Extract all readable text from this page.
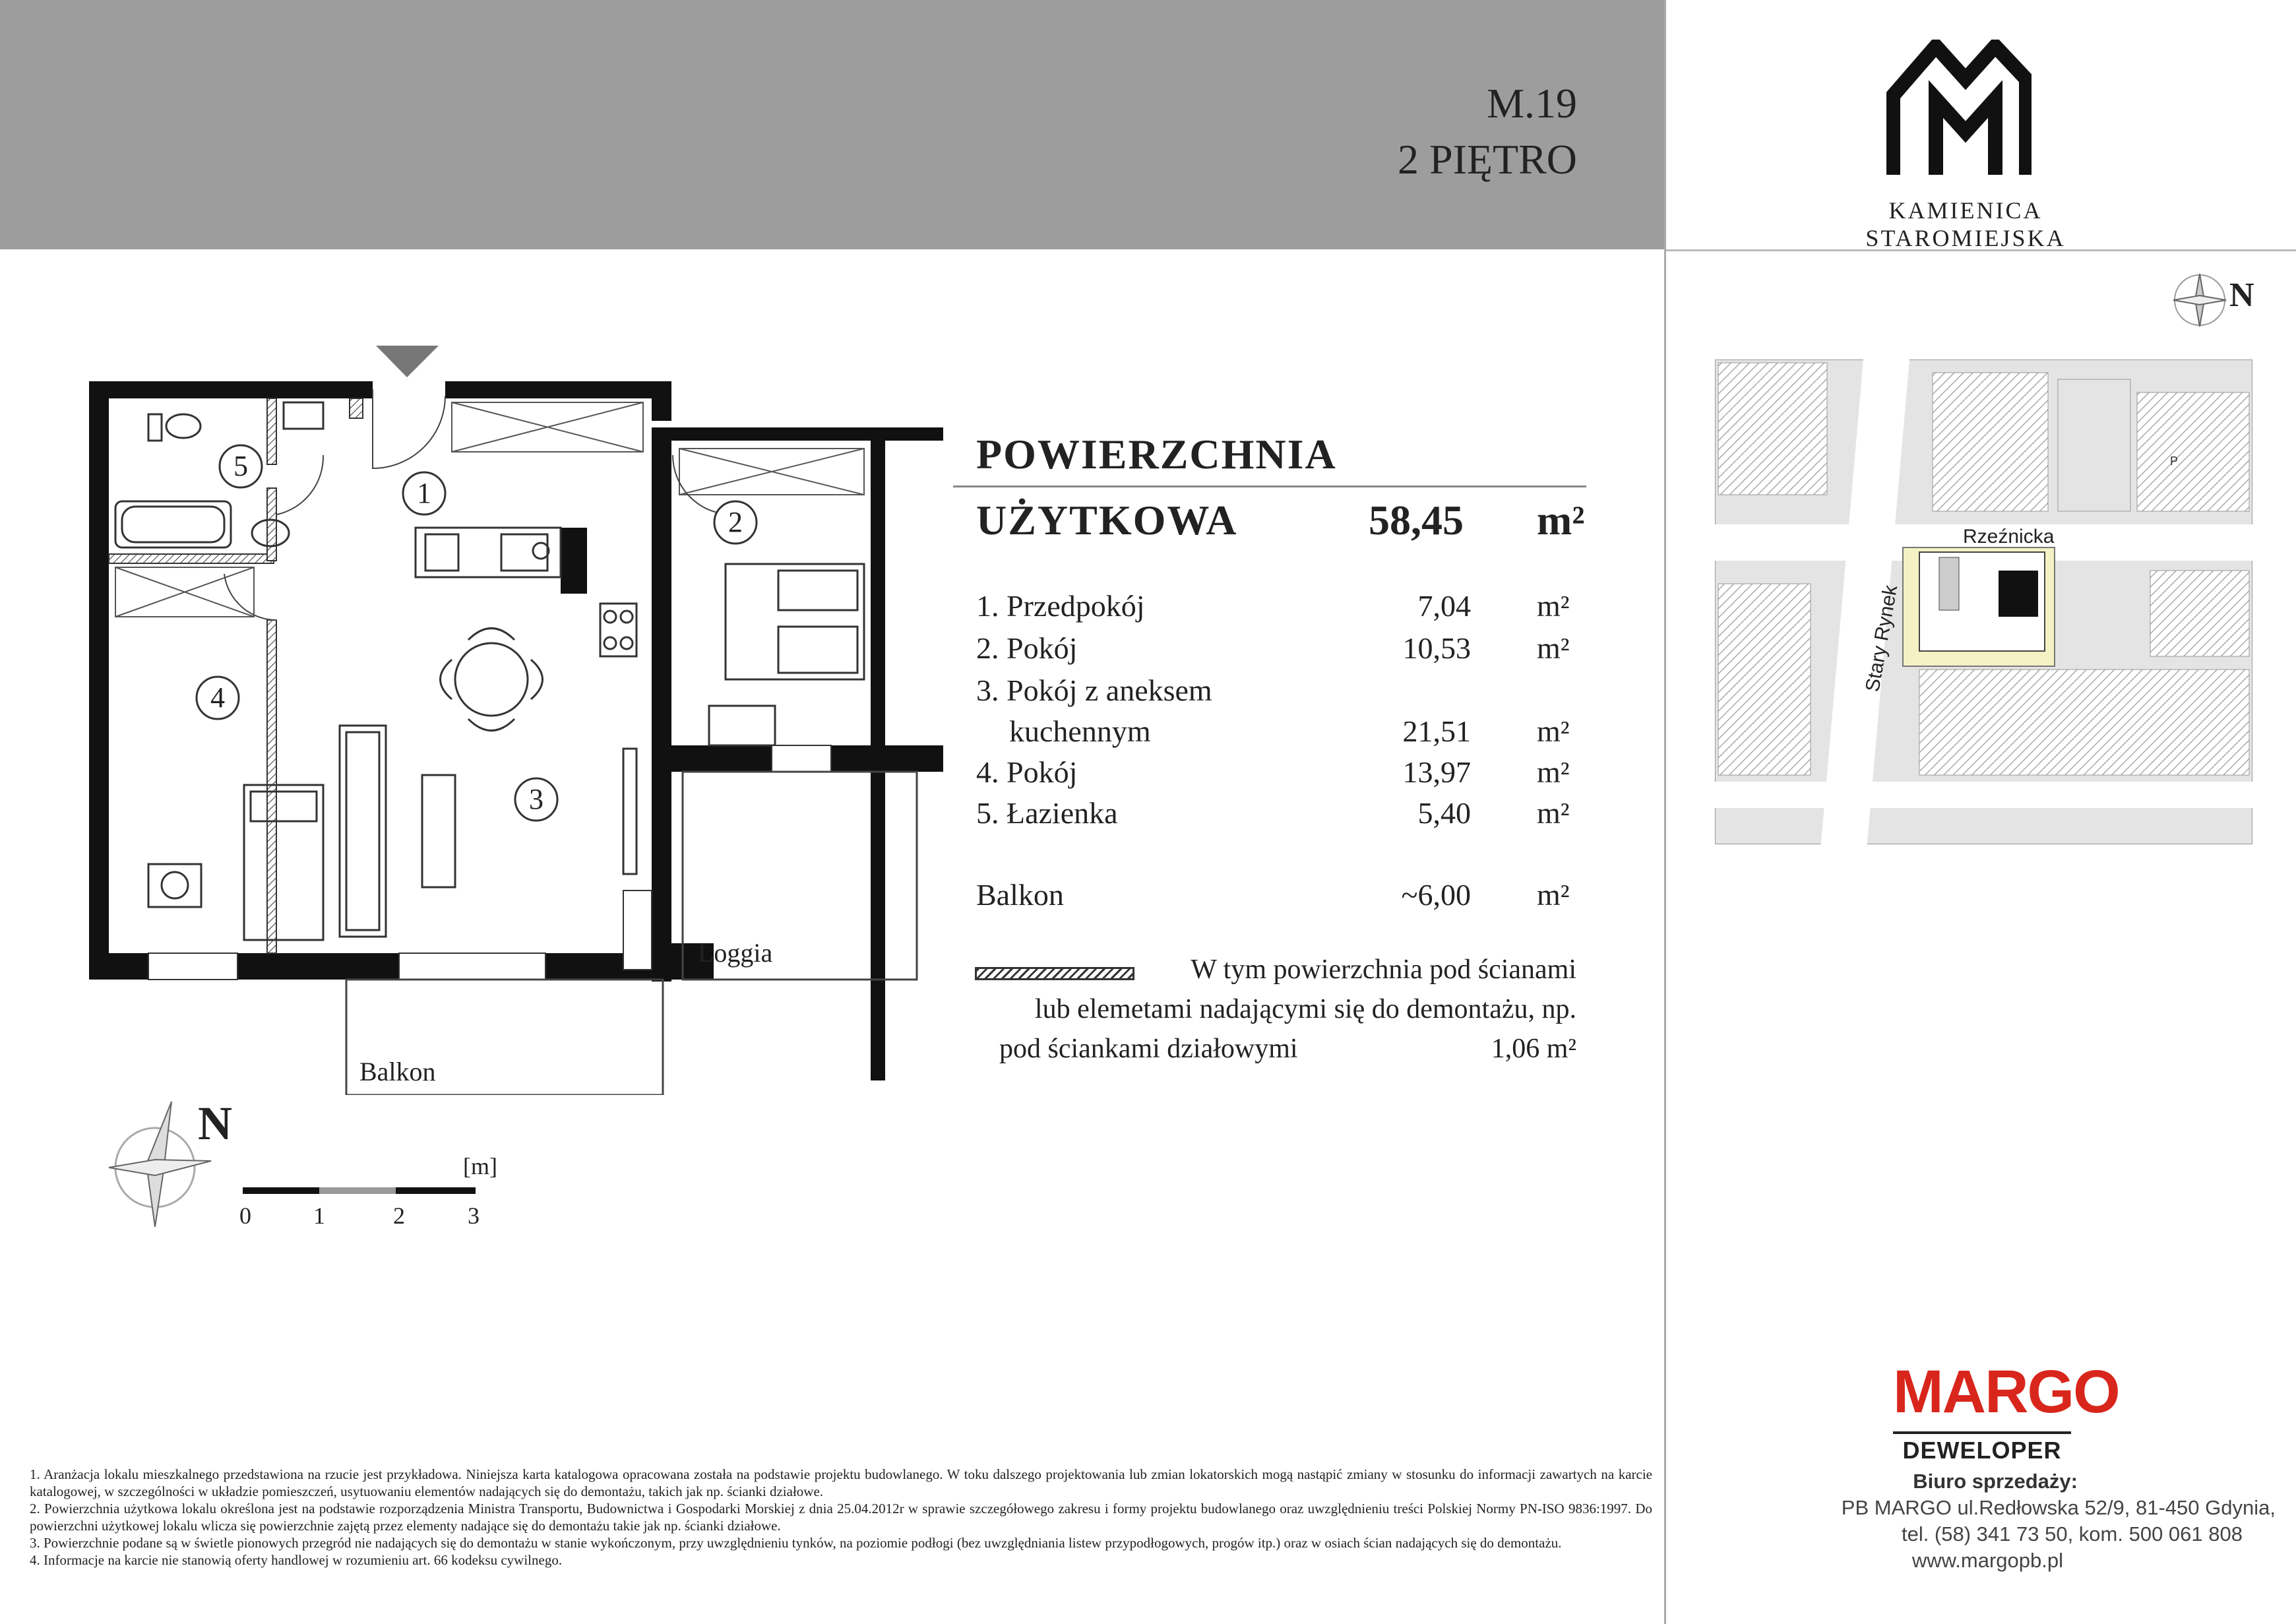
M.19
2 PIĘTRO
KAMIENICA STAROMIEJSKA
POWIERZCHNIA
UŻYTKOWA	58,45 m²
1. Przedpokój	7,04 m²
2. Pokój	10,53 m²
3. Pokój z aneksem
kuchennym	21,51 m²
4. Pokój	13,97 m²
5. Łazienka	5,40 m²
Balkon	~6,00 m²
W tym powierzchnia pod ścianami
lub elemetami nadającymi się do demontażu, np.
pod ściankami działowymi	1,06 m²
N
P
Rzeźnicka
Stary Rynek
1
2
3
4
5
Loggia
Balkon
N
[m]
0	1	2	3
MARGO
DEWELOPER
Biuro sprzedaży:
PB MARGO ul.Redłowska 52/9, 81-450 Gdynia,
tel. (58) 341 73 50, kom. 500 061 808
www.margopb.pl

1. Aranżacja lokalu mieszkalnego przedstawiona na rzucie jest przykładowa. Niniejsza karta katalogowa opracowana została na podstawie projektu budowlanego. W toku dalszego projektowania lub zmian lokatorskich mogą nastąpić zmiany w stosunku do informacji zawartych na karcie katalogowej, w szczególności w układzie pomieszczeń, usytuowaniu elementów nadających się do demontażu, takich jak np. ścianki działowe.

2. Powierzchnia użytkowa lokalu określona jest na podstawie rozporządzenia Ministra Transportu, Budownictwa i Gospodarki Morskiej z dnia 25.04.2012r w sprawie szczegółowego zakresu i formy projektu budowlanego oraz uwzględnieniu treści Polskiej Normy PN-ISO 9836:1997. Do powierzchni użytkowej lokalu wlicza się powierzchnie zajętą przez elementy nadające się do demontażu takie jak np. ścianki działowe.

3. Powierzchnie podane są w świetle pionowych przegród nie nadających się do demontażu w stanie wykończonym, przy uwzględnieniu tynków, na poziomie podłogi (bez uwzględniania listew przypodłogowych, progów itp.) oraz w osiach ścian nadających się do demontażu.

4. Informacje na karcie nie stanowią oferty handlowej w rozumieniu art. 66 kodeksu cywilnego.
